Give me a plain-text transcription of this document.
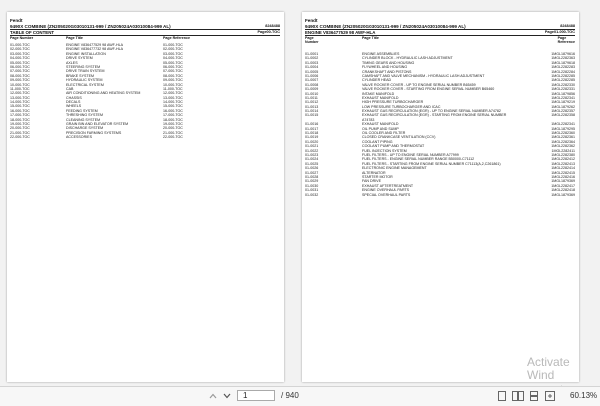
Fendt
9490X COMBINE (ZN205020G03010131-999 / ZN205024A03010084-999 AL)	8248488
TABLE OF CONTENT	Page00-TOC
Page Number	Page Title	Page Reference
01-000-TOC	ENGINE V836477529 98 AWF-HLA	01-000-TOC
02-000-TOC	ENGINE V836477732 98 AWF-HLA	02-000-TOC
03-000-TOC	ENGINE INSTALLATION	03-000-TOC
04-000-TOC	DRIVE SYSTEM	04-000-TOC
05-000-TOC	AXLES	05-000-TOC
06-000-TOC	STEERING SYSTEM	06-000-TOC
07-000-TOC	DRIVE TRAIN SYSTEM	07-000-TOC
08-000-TOC	BRAKE SYSTEM	08-000-TOC
09-000-TOC	HYDRAULIC SYSTEM	09-000-TOC
10-000-TOC	ELECTRICAL SYSTEM	10-000-TOC
11-000-TOC	CAB	11-000-TOC
12-000-TOC	AIR CONDITIONING AND HEATING SYSTEM	12-000-TOC
13-000-TOC	CHASSIS	13-000-TOC
14-000-TOC	DECALS	14-000-TOC
15-000-TOC	WHEELS	15-000-TOC
16-000-TOC	FEEDING SYSTEM	16-000-TOC
17-000-TOC	THRESHING SYSTEM	17-000-TOC
18-000-TOC	CLEANING SYSTEM	18-000-TOC
19-000-TOC	GRAIN BIN AND ELEVATOR SYSTEM	19-000-TOC
20-000-TOC	DISCHARGE SYSTEM	20-000-TOC
21-000-TOC	PRECISION FARMING SYSTEMS	21-000-TOC
22-000-TOC	ACCESSORIES	22-000-TOC
Fendt
9490X COMBINE (ZN205020G03010131-999 / ZN205024A03010084-999 AL)	8248488
ENGINE V836477529 98 AWF-HLA	Page01-000-TOC
Page
Number
Page Title	Page
Reference
01-0001	ENGINE ASSEMBLIES	1MGL1879616
01-0002	CYLINDER BLOCK - HYDRAULIC LASH ADJUSTMENT	1MGL2282363
01-0003	TIMING GEARS AND HOUSING	1MGL1879618
01-0004	FLYWHEEL AND HOUSING	1MGL2282283
01-0005	CRANKSHAFT AND PISTONS	1MGL2282284
01-0006	CAMSHAFT AND VALVE MECHANISM - HYDRAULIC LASH ADJUSTMENT	1MGL2282285
01-0007	CYLINDER HEAD	1MGL2282285
01-0008	VALVE ROCKER COVER - UP TO ENGINE SERIAL NUMBER B65459	1MGL2282330
01-0009	VALVE ROCKER COVER - STARTING FROM ENGINE SERIAL NUMBER B65460	1MGL2282331
01-0010	INTAKE MANIFOLD	1MGL1879856
01-0011	EXHAUST MANIFOLD	1MGL2282341
01-0012	HIGH PRESSURE TURBOCHARGER	1MGL1879219
01-0013	LOW PRESSURE TURBOCHARGER AND ICAC	1MGL1879262
01-0014	EXHAUST GAS RECIRCULATION (EGR) - UP TO ENGINE SERIAL NUMBER A74782	1MGL2282357
01-0015	EXHAUST GAS RECIRCULATION (EGR) - STARTING FROM ENGINE SERIAL NUMBER	1MGL2282358
A74783
01-0016	EXHAUST MANIFOLD	1MGL2282341
01-0017	OIL PUMP AND SUMP	1MGL1879295
01-0018	OIL COOLER AND FILTER	1MGL2282360
01-0019	CLOSED CRANKCASE VENTILATION (CCV)	1MGL2282361
01-0020	COOLANT PIPING	1MGL2282364
01-0021	COOLANT PUMP AND THERMOSTAT	1MGL2282362
01-0022	FUEL INJECTION SYSTEM	1MGL2282411
01-0023	FUEL FILTERS - UP TO ENGINE SERIAL NUMBER A77999	1MGL2282380
01-0024	FUEL FILTERS - ENGINE SERIAL NUMBER RANGE B50000-C71112	1MGL2282412
01-0025	FUEL FILTERS - STARTING FROM ENGINE SERIAL NUMBER C71113(A,2,C261861)	1MGL2282413
01-0026	ELECTRONIC ENGINE MANAGEMENT	1MGL2282414
01-0027	ALTERNATOR	1MGL2282415
01-0028	STARTER MOTOR	1MGL2282416
01-0029	FAN DRIVE	1MGL1879369
01-0030	EXHAUST AFTERTREATMENT	1MGL2282417
01-0031	ENGINE OVERHAUL PARTS	1MGL2282418
01-0032	SPECIAL OVERHAUL PARTS	1MGL1879369
Activate Wind
1	/ 940	60.13%
